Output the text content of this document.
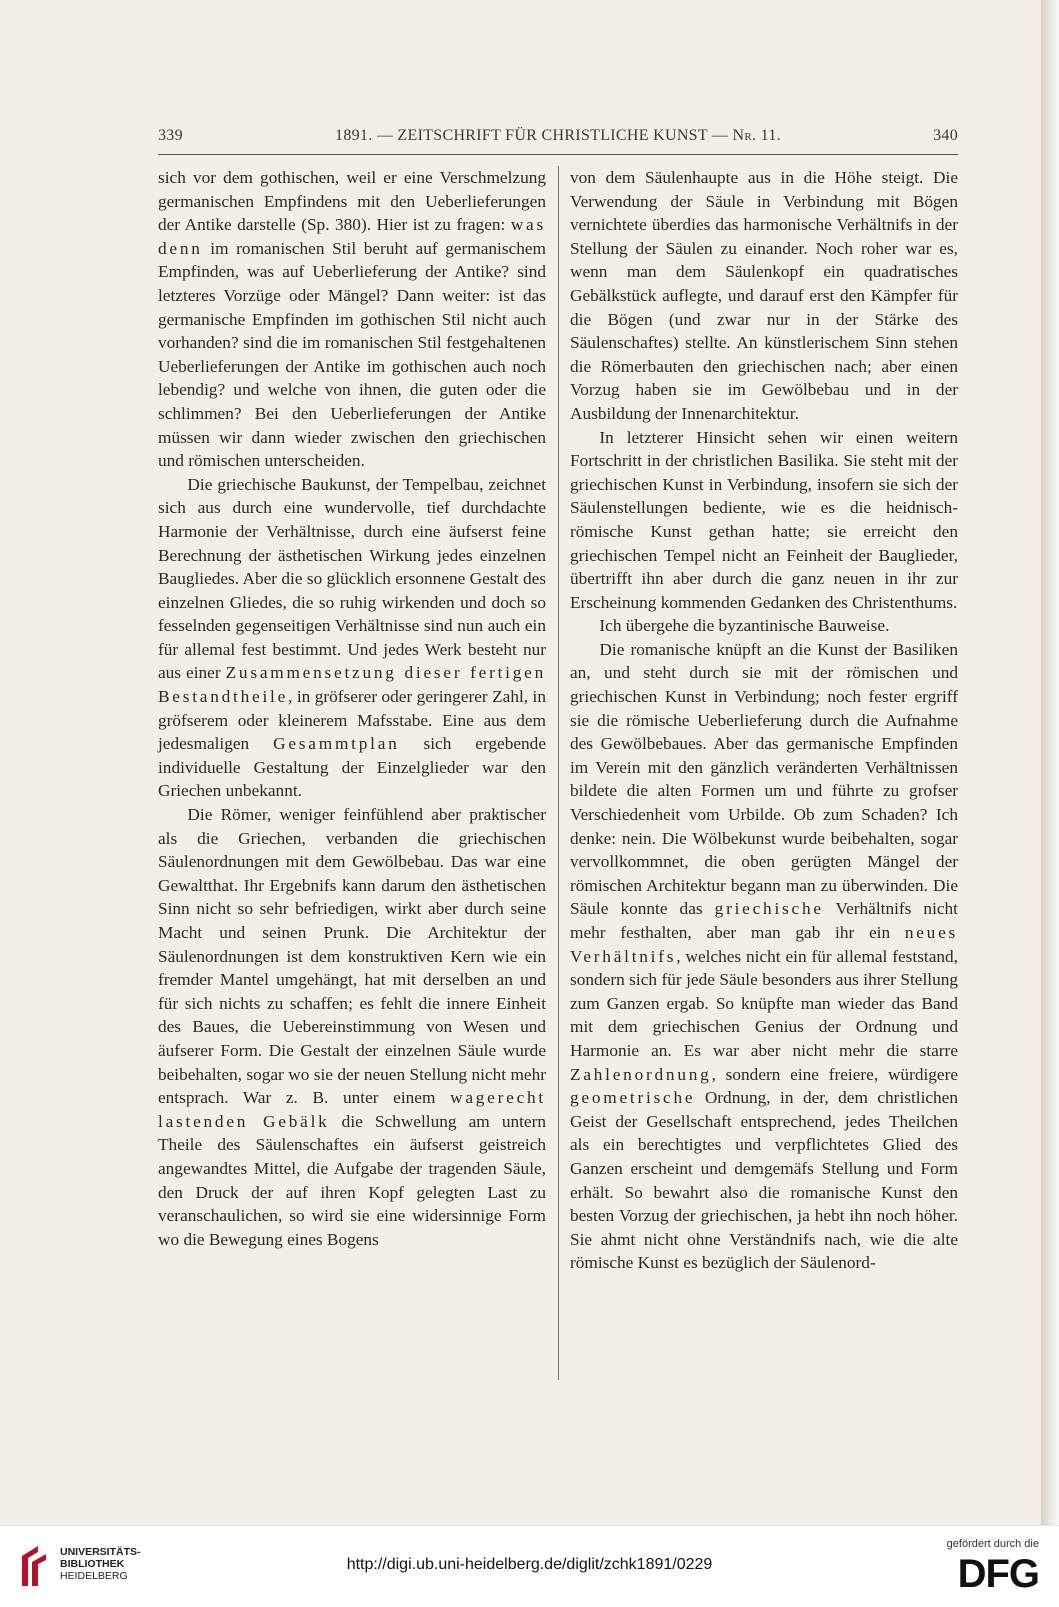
339	1891. — ZEITSCHRIFT FÜR CHRISTLICHE KUNST — Nr. 11.	340

sich vor dem gothischen, weil er eine Verschmelzung germanischen Empfindens mit den Ueberlieferungen der Antike darstelle (Sp. 380). Hier ist zu fragen: was denn im romanischen Stil beruht auf germanischem Empfinden, was auf Ueberlieferung der Antike? sind letzteres Vorzüge oder Mängel? Dann weiter: ist das germanische Empfinden im gothischen Stil nicht auch vorhanden? sind die im romanischen Stil festgehaltenen Ueberlieferungen der Antike im gothischen auch noch lebendig? und welche von ihnen, die guten oder die schlimmen? Bei den Ueberlieferungen der Antike müssen wir dann wieder zwischen den griechischen und römischen unterscheiden.

Die griechische Baukunst, der Tempelbau, zeichnet sich aus durch eine wundervolle, tief durchdachte Harmonie der Verhältnisse, durch eine äufserst feine Berechnung der ästhetischen Wirkung jedes einzelnen Baugliedes. Aber die so glücklich ersonnene Gestalt des einzelnen Gliedes, die so ruhig wirkenden und doch so fesselnden gegenseitigen Verhältnisse sind nun auch ein für allemal fest bestimmt. Und jedes Werk besteht nur aus einer Zusammensetzung dieser fertigen Bestandtheile, in gröfserer oder geringerer Zahl, in gröfserem oder kleinerem Mafsstabe. Eine aus dem jedesmaligen Gesammtplan sich ergebende individuelle Gestaltung der Einzelglieder war den Griechen unbekannt.

Die Römer, weniger feinfühlend aber praktischer als die Griechen, verbanden die griechischen Säulenordnungen mit dem Gewölbebau. Das war eine Gewaltthat. Ihr Ergebnifs kann darum den ästhetischen Sinn nicht so sehr befriedigen, wirkt aber durch seine Macht und seinen Prunk. Die Architektur der Säulenordnungen ist dem konstruktiven Kern wie ein fremder Mantel umgehängt, hat mit derselben an und für sich nichts zu schaffen; es fehlt die innere Einheit des Baues, die Uebereinstimmung von Wesen und äufserer Form. Die Gestalt der einzelnen Säule wurde beibehalten, sogar wo sie der neuen Stellung nicht mehr entsprach. War z. B. unter einem wagerecht lastenden Gebälk die Schwellung am untern Theile des Säulenschaftes ein äufserst geistreich angewandtes Mittel, die Aufgabe der tragenden Säule, den Druck der auf ihren Kopf gelegten Last zu veranschaulichen, so wird sie eine widersinnige Form wo die Bewegung eines Bogens

von dem Säulenhaupte aus in die Höhe steigt. Die Verwendung der Säule in Verbindung mit Bögen vernichtete überdies das harmonische Verhältnifs in der Stellung der Säulen zu einander. Noch roher war es, wenn man dem Säulenkopf ein quadratisches Gebälkstück auflegte, und darauf erst den Kämpfer für die Bögen (und zwar nur in der Stärke des Säulenschaftes) stellte. An künstlerischem Sinn stehen die Römerbauten den griechischen nach; aber einen Vorzug haben sie im Gewölbebau und in der Ausbildung der Innenarchitektur.

In letzterer Hinsicht sehen wir einen weitern Fortschritt in der christlichen Basilika. Sie steht mit der griechischen Kunst in Verbindung, insofern sie sich der Säulenstellungen bediente, wie es die heidnisch-römische Kunst gethan hatte; sie erreicht den griechischen Tempel nicht an Feinheit der Bauglieder, übertrifft ihn aber durch die ganz neuen in ihr zur Erscheinung kommenden Gedanken des Christenthums.

Ich übergehe die byzantinische Bauweise.

Die romanische knüpft an die Kunst der Basiliken an, und steht durch sie mit der römischen und griechischen Kunst in Verbindung; noch fester ergriff sie die römische Ueberlieferung durch die Aufnahme des Gewölbebaues. Aber das germanische Empfinden im Verein mit den gänzlich veränderten Verhältnissen bildete die alten Formen um und führte zu grofser Verschiedenheit vom Urbilde. Ob zum Schaden? Ich denke: nein. Die Wölbekunst wurde beibehalten, sogar vervollkommnet, die oben gerügten Mängel der römischen Architektur begann man zu überwinden. Die Säule konnte das griechische Verhältnifs nicht mehr festhalten, aber man gab ihr ein neues Verhältnifs, welches nicht ein für allemal feststand, sondern sich für jede Säule besonders aus ihrer Stellung zum Ganzen ergab. So knüpfte man wieder das Band mit dem griechischen Genius der Ordnung und Harmonie an. Es war aber nicht mehr die starre Zahlenordnung, sondern eine freiere, würdigere geometrische Ordnung, in der, dem christlichen Geist der Gesellschaft entsprechend, jedes Theilchen als ein berechtigtes und verpflichtetes Glied des Ganzen erscheint und demgemäfs Stellung und Form erhält. So bewahrt also die romanische Kunst den besten Vorzug der griechischen, ja hebt ihn noch höher. Sie ahmt nicht ohne Verständnifs nach, wie die alte römische Kunst es bezüglich der Säulenord-

UNIVERSITÄTS-
BIBLIOTHEK
HEIDELBERG
http://digi.ub.uni-heidelberg.de/diglit/zchk1891/0229
gefördert durch die
DFG
